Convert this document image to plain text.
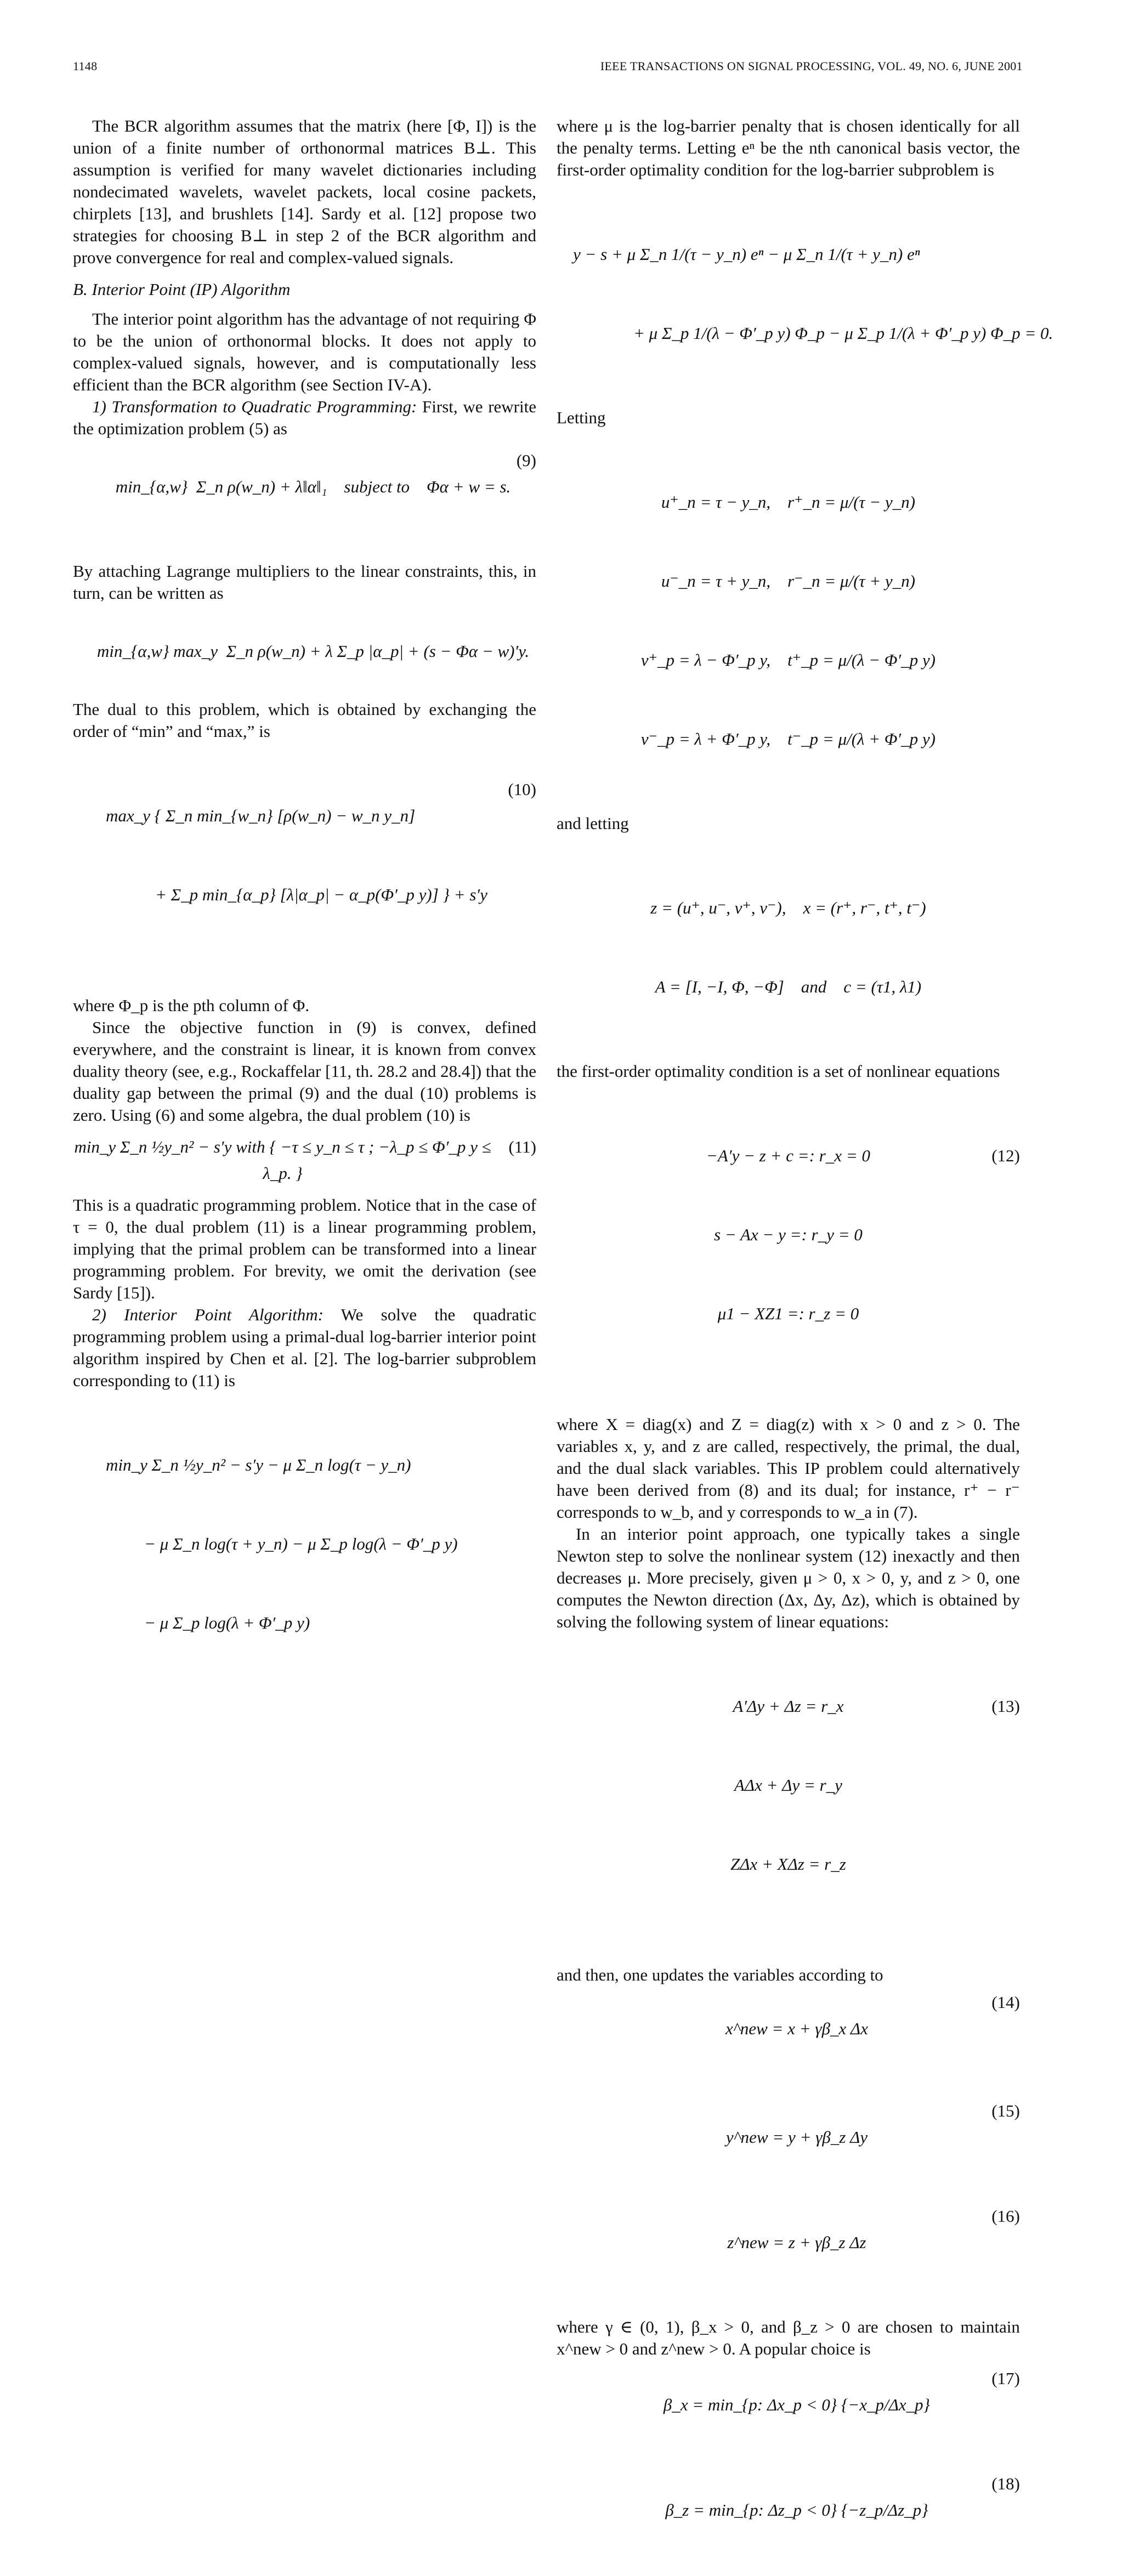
1148	IEEE TRANSACTIONS ON SIGNAL PROCESSING, VOL. 49, NO. 6, JUNE 2001

The BCR algorithm assumes that the matrix (here [Φ, I]) is the union of a finite number of orthonormal matrices B⊥. This assumption is verified for many wavelet dictionaries including nondecimated wavelets, wavelet packets, local cosine packets, chirplets [13], and brushlets [14]. Sardy et al. [12] propose two strategies for choosing B⊥ in step 2 of the BCR algorithm and prove convergence for real and complex-valued signals.

B. Interior Point (IP) Algorithm

The interior point algorithm has the advantage of not requiring Φ to be the union of orthonormal blocks. It does not apply to complex-valued signals, however, and is computationally less efficient than the BCR algorithm (see Section IV-A).

1) Transformation to Quadratic Programming: First, we rewrite the optimization problem (5) as

min_{α,w}  Σ_n ρ(w_n) + λ‖α‖₁    subject to    Φα + w = s.

(9)

By attaching Lagrange multipliers to the linear constraints, this, in turn, can be written as

min_{α,w} max_y  Σ_n ρ(w_n) + λ Σ_p |α_p| + (s − Φα − w)′y.

The dual to this problem, which is obtained by exchanging the order of “min” and “max,” is

max_y { Σ_n min_{w_n} [ρ(w_n) − w_n y_n]

+ Σ_p min_{α_p} [λ|α_p| − α_p(Φ′_p y)] } + s′y

(10)

where Φ_p is the pth column of Φ.

Since the objective function in (9) is convex, defined everywhere, and the constraint is linear, it is known from convex duality theory (see, e.g., Rockaffelar [11, th. 28.2 and 28.4]) that the duality gap between the primal (9) and the dual (10) problems is zero. Using (6) and some algebra, the dual problem (10) is

min_y Σ_n ½y_n² − s′y with { −τ ≤ y_n ≤ τ ; −λ_p ≤ Φ′_p y ≤ λ_p. }
(11)

This is a quadratic programming problem. Notice that in the case of τ = 0, the dual problem (11) is a linear programming problem, implying that the primal problem can be transformed into a linear programming problem. For brevity, we omit the derivation (see Sardy [15]).

2) Interior Point Algorithm: We solve the quadratic programming problem using a primal-dual log-barrier interior point algorithm inspired by Chen et al. [2]. The log-barrier subproblem corresponding to (11) is

min_y Σ_n ½y_n² − s′y − μ Σ_n log(τ − y_n)

− μ Σ_n log(τ + y_n) − μ Σ_p log(λ − Φ′_p y)

− μ Σ_p log(λ + Φ′_p y)

where μ is the log-barrier penalty that is chosen identically for all the penalty terms. Letting eⁿ be the nth canonical basis vector, the first-order optimality condition for the log-barrier subproblem is

y − s + μ Σ_n 1/(τ − y_n) eⁿ − μ Σ_n 1/(τ + y_n) eⁿ

+ μ Σ_p 1/(λ − Φ′_p y) Φ_p − μ Σ_p 1/(λ + Φ′_p y) Φ_p = 0.

Letting

u⁺_n = τ − y_n,    r⁺_n = μ/(τ − y_n)

u⁻_n = τ + y_n,    r⁻_n = μ/(τ + y_n)

v⁺_p = λ − Φ′_p y,    t⁺_p = μ/(λ − Φ′_p y)

v⁻_p = λ + Φ′_p y,    t⁻_p = μ/(λ + Φ′_p y)

and letting

z = (u⁺, u⁻, v⁺, v⁻),    x = (r⁺, r⁻, t⁺, t⁻)

A = [I, −I, Φ, −Φ]    and    c = (τ1, λ1)

the first-order optimality condition is a set of nonlinear equations

−A′y − z + c =: r_x = 0

s − Ax − y =: r_y = 0

μ1 − XZ1 =: r_z = 0

(12)

where X = diag(x) and Z = diag(z) with x > 0 and z > 0. The variables x, y, and z are called, respectively, the primal, the dual, and the dual slack variables. This IP problem could alternatively have been derived from (8) and its dual; for instance, r⁺ − r⁻ corresponds to w_b, and y corresponds to w_a in (7).

In an interior point approach, one typically takes a single Newton step to solve the nonlinear system (12) inexactly and then decreases μ. More precisely, given μ > 0, x > 0, y, and z > 0, one computes the Newton direction (Δx, Δy, Δz), which is obtained by solving the following system of linear equations:

A′Δy + Δz = r_x

AΔx + Δy = r_y

ZΔx + XΔz = r_z

(13)

and then, one updates the variables according to

x^new = x + γβ_x Δx

(14)

y^new = y + γβ_z Δy

(15)

z^new = z + γβ_z Δz

(16)

where γ ∈ (0, 1), β_x > 0, and β_z > 0 are chosen to maintain x^new > 0 and z^new > 0. A popular choice is

β_x = min_{p: Δx_p < 0} {−x_p/Δx_p}

(17)

β_z = min_{p: Δz_p < 0} {−z_p/Δz_p}

(18)
